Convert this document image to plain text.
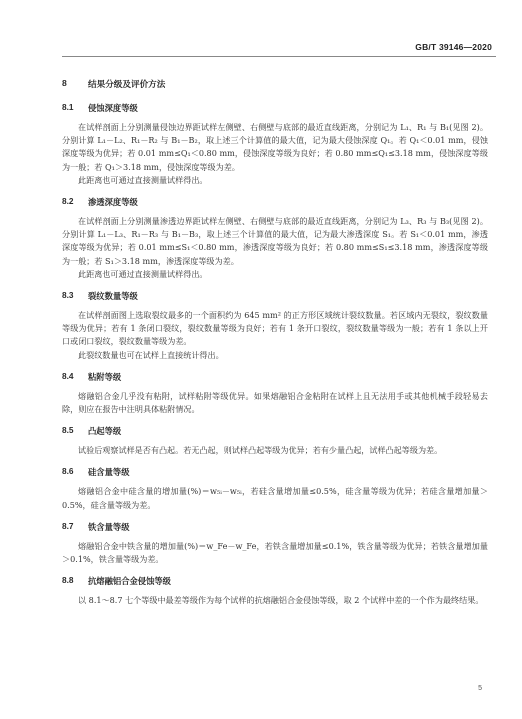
GB/T 39146—2020
8	结果分级及评价方法
8.1	侵蚀深度等级

在试样剖面上分别测量侵蚀边界距试样左侧壁、右侧壁与底部的最近直线距离，分别记为 L₁、R₁ 与 B₁(见图 2)。分别计算 L₁－L₂、R₁－R₂ 与 B₁－B₂，取上述三个计算值的最大值，记为最大侵蚀深度 Q₁。若 Q₁＜0.01 mm，侵蚀深度等级为优异；若 0.01 mm≤Q₁＜0.80 mm，侵蚀深度等级为良好；若 0.80 mm≤Q₁≤3.18 mm，侵蚀深度等级为一般；若 Q₁＞3.18 mm，侵蚀深度等级为差。

此距离也可通过直接测量试样得出。

8.2	渗透深度等级

在试样剖面上分别测量渗透边界距试样左侧壁、右侧壁与底部的最近直线距离，分别记为 L₃、R₃ 与 B₃(见图 2)。分别计算 L₁－L₃、R₁－R₃ 与 B₁－B₃，取上述三个计算值的最大值，记为最大渗透深度 S₁。若 S₁＜0.01 mm，渗透深度等级为优异；若 0.01 mm≤S₁＜0.80 mm，渗透深度等级为良好；若 0.80 mm≤S₁≤3.18 mm，渗透深度等级为一般；若 S₁＞3.18 mm，渗透深度等级为差。

此距离也可通过直接测量试样得出。

8.3	裂纹数量等级

在试样剖面图上选取裂纹最多的一个面积约为 645 mm² 的正方形区域统计裂纹数量。若区域内无裂纹，裂纹数量等级为优异；若有 1 条闭口裂纹，裂纹数量等级为良好；若有 1 条开口裂纹，裂纹数量等级为一般；若有 1 条以上开口或闭口裂纹，裂纹数量等级为差。

此裂纹数量也可在试样上直接统计得出。

8.4	粘附等级

熔融铝合金几乎没有粘附，试样粘附等级优异。如果熔融铝合金粘附在试样上且无法用手或其他机械手段轻易去除，则应在报告中注明具体粘附情况。

8.5	凸起等级

试验后观察试样是否有凸起。若无凸起，则试样凸起等级为优异；若有少量凸起，试样凸起等级为差。

8.6	硅含量等级

熔融铝合金中硅含量的增加量(%)＝w₅ᵢ－w₅ᵢ，若硅含量增加量≤0.5%，硅含量等级为优异；若硅含量增加量＞0.5%，硅含量等级为差。

8.7	铁含量等级

熔融铝合金中铁含量的增加量(%)＝w_Fe－w_Fe，若铁含量增加量≤0.1%，铁含量等级为优异；若铁含量增加量＞0.1%，铁含量等级为差。

8.8	抗熔融铝合金侵蚀等级

以 8.1～8.7 七个等级中最差等级作为每个试样的抗熔融铝合金侵蚀等级，取 2 个试样中差的一个作为最终结果。

5
